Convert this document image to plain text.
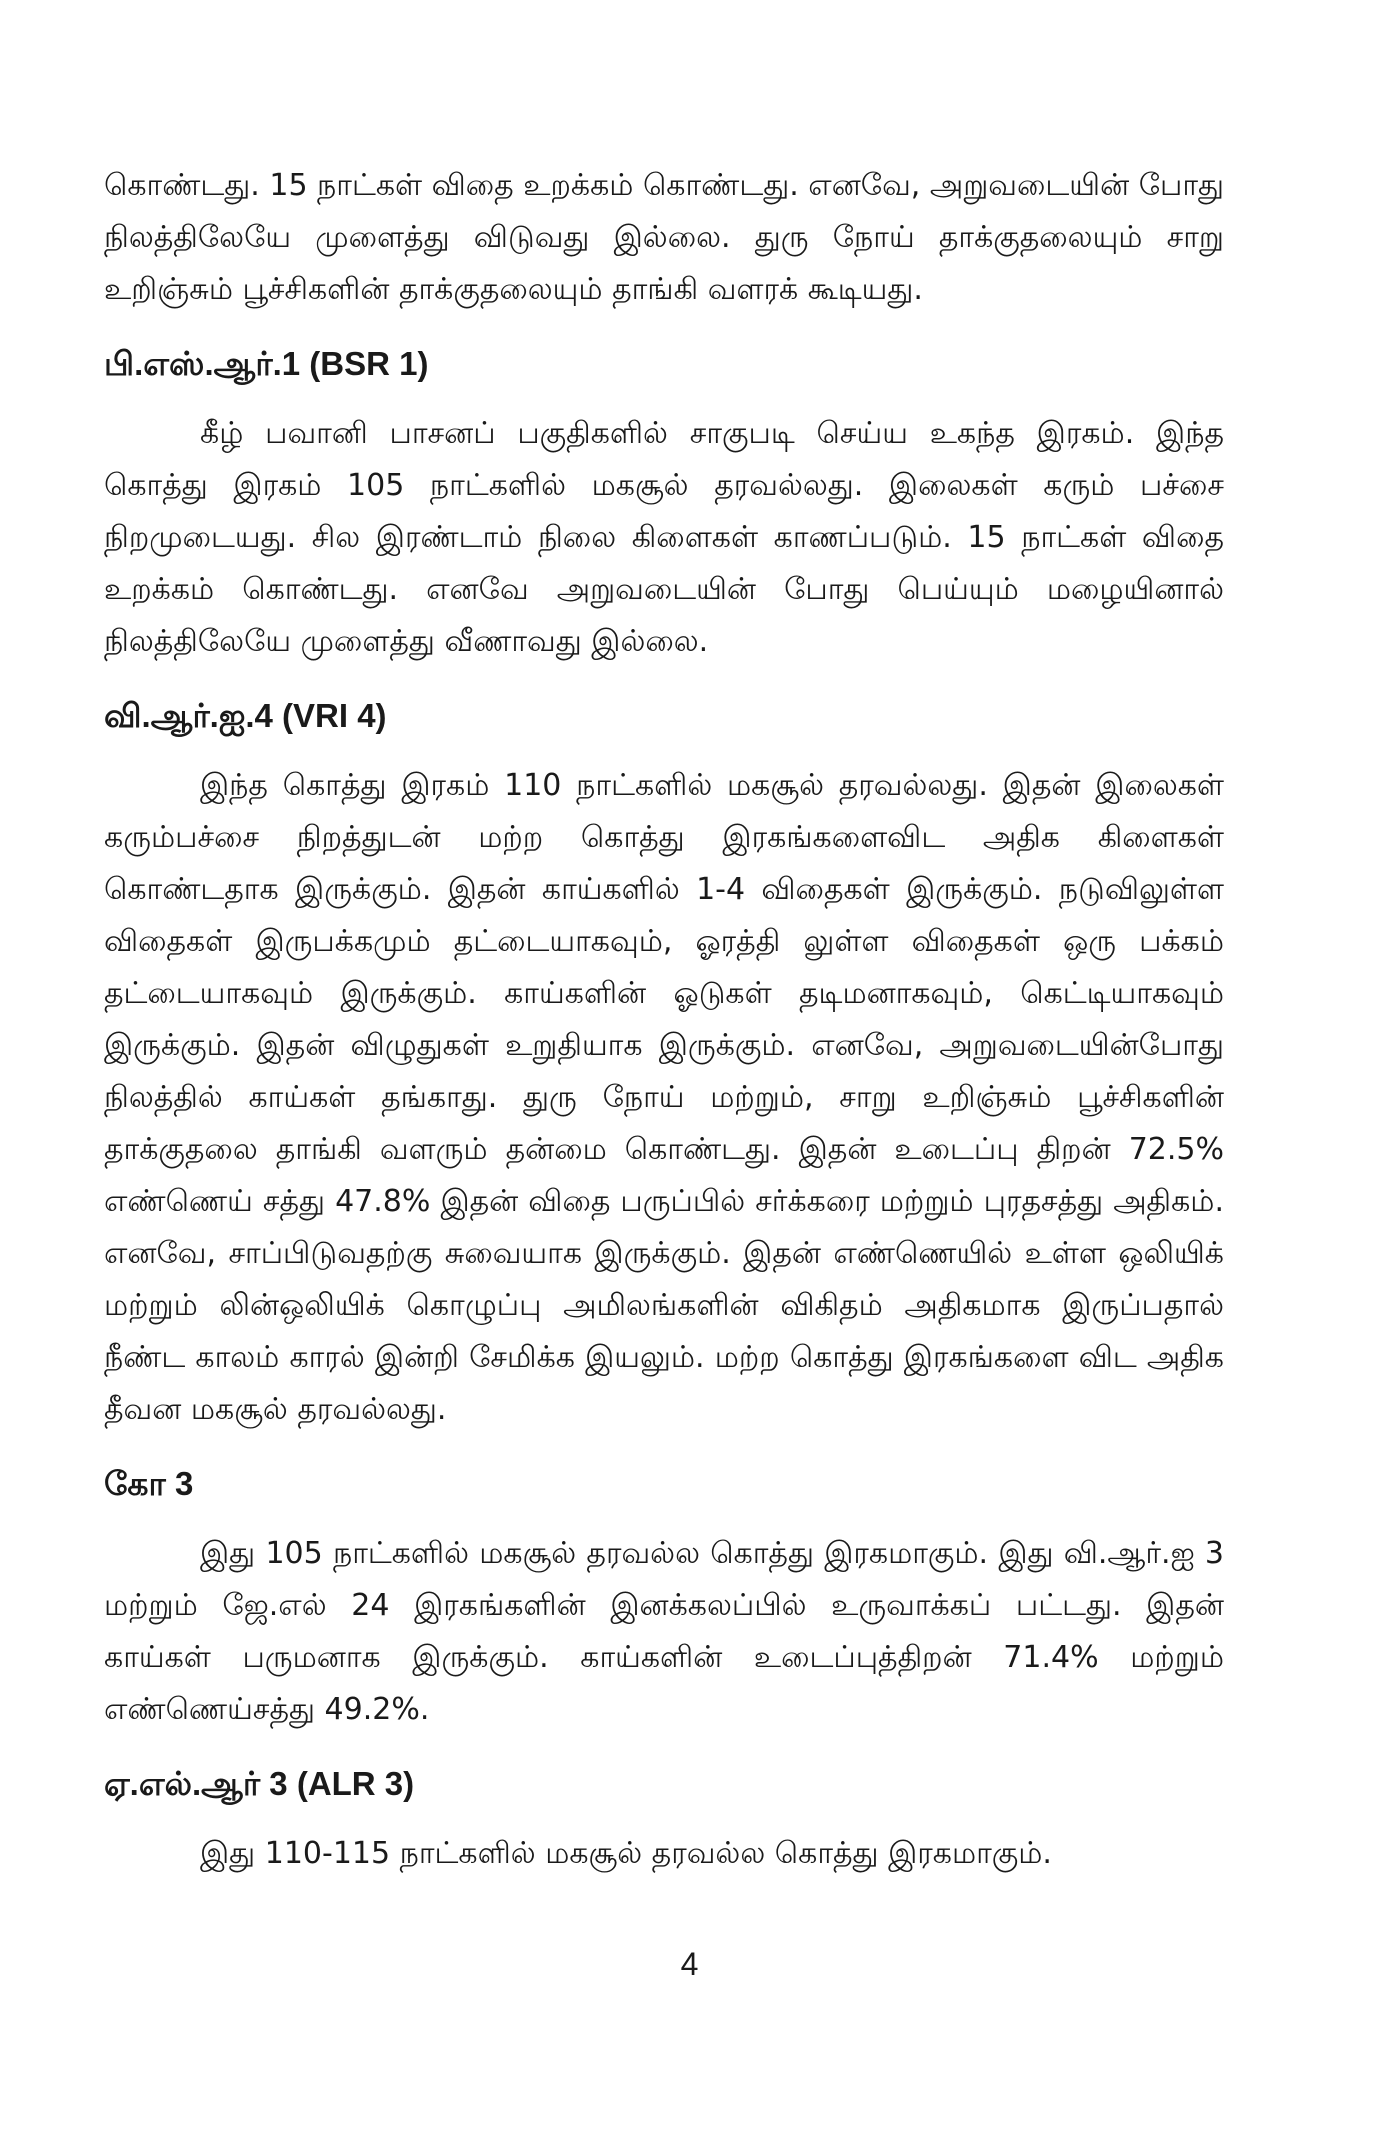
கொண்டது. 15 நாட்கள் விதை உறக்கம் கொண்டது. எனவே, அறுவடையின் போது நிலத்திலேயே முளைத்து விடுவது இல்லை. துரு நோய் தாக்குதலையும் சாறு உறிஞ்சும் பூச்சிகளின் தாக்குதலையும் தாங்கி வளரக் கூடியது.

பி.எஸ்.ஆர்.1 (BSR 1)

கீழ் பவானி பாசனப் பகுதிகளில் சாகுபடி செய்ய உகந்த இரகம். இந்த கொத்து இரகம் 105 நாட்களில் மகசூல் தரவல்லது. இலைகள் கரும் பச்சை நிறமுடையது. சில இரண்டாம் நிலை கிளைகள் காணப்படும். 15 நாட்கள் விதை உறக்கம் கொண்டது. எனவே அறுவடையின் போது பெய்யும் மழையினால் நிலத்திலேயே முளைத்து வீணாவது இல்லை.

வி.ஆர்.ஐ.4 (VRI 4)

இந்த கொத்து இரகம் 110 நாட்களில் மகசூல் தரவல்லது. இதன் இலைகள் கரும்பச்சை நிறத்துடன் மற்ற கொத்து இரகங்களைவிட அதிக கிளைகள் கொண்டதாக இருக்கும். இதன் காய்களில் 1-4 விதைகள் இருக்கும். நடுவிலுள்ள விதைகள் இருபக்கமும் தட்டையாகவும், ஓரத்தி லுள்ள விதைகள் ஒரு பக்கம் தட்டையாகவும் இருக்கும். காய்களின் ஓடுகள் தடிமனாகவும், கெட்டியாகவும் இருக்கும். இதன் விழுதுகள் உறுதியாக இருக்கும். எனவே, அறுவடையின்போது நிலத்தில் காய்கள் தங்காது. துரு நோய் மற்றும், சாறு உறிஞ்சும் பூச்சிகளின் தாக்குதலை தாங்கி வளரும் தன்மை கொண்டது. இதன் உடைப்பு திறன் 72.5% எண்ணெய் சத்து 47.8% இதன் விதை பருப்பில் சர்க்கரை மற்றும் புரதசத்து அதிகம். எனவே, சாப்பிடுவதற்கு சுவையாக இருக்கும். இதன் எண்ணெயில் உள்ள ஒலியிக் மற்றும் லின்ஒலியிக் கொழுப்பு அமிலங்களின் விகிதம் அதிகமாக இருப்பதால் நீண்ட காலம் காரல் இன்றி சேமிக்க இயலும். மற்ற கொத்து இரகங்களை விட அதிக தீவன மகசூல் தரவல்லது.

கோ 3

இது 105 நாட்களில் மகசூல் தரவல்ல கொத்து இரகமாகும். இது வி.ஆர்.ஐ 3 மற்றும் ஜே.எல் 24 இரகங்களின் இனக்கலப்பில் உருவாக்கப் பட்டது. இதன் காய்கள் பருமனாக இருக்கும். காய்களின் உடைப்புத்திறன் 71.4% மற்றும் எண்ணெய்சத்து 49.2%.

ஏ.எல்.ஆர் 3 (ALR 3)

இது 110-115 நாட்களில் மகசூல் தரவல்ல கொத்து இரகமாகும்.

4
